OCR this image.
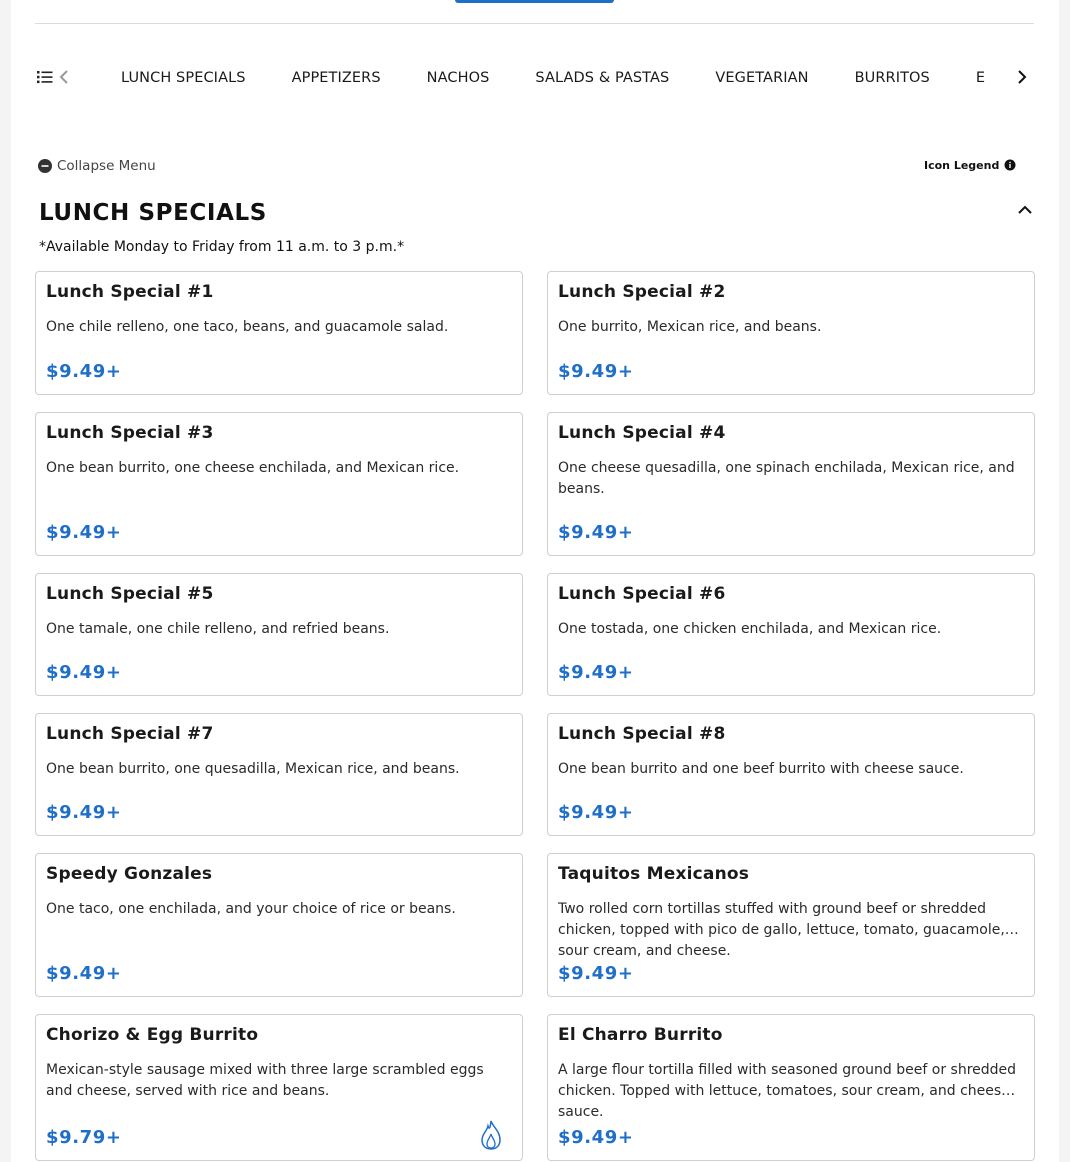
LUNCH SPECIALS	APPETIZERS	NACHOS	SALADS & PASTAS	VEGETARIAN	BURRITOS	E
Collapse Menu	Icon Legend
LUNCH SPECIALS
*Available Monday to Friday from 11 a.m. to 3 p.m.*
Lunch Special #1
One chile relleno, one taco, beans, and guacamole salad.
$9.49+
Lunch Special #2
One burrito, Mexican rice, and beans.
$9.49+
Lunch Special #3
One bean burrito, one cheese enchilada, and Mexican rice.
$9.49+
Lunch Special #4
One cheese quesadilla, one spinach enchilada, Mexican rice, and beans.
$9.49+
Lunch Special #5
One tamale, one chile relleno, and refried beans.
$9.49+
Lunch Special #6
One tostada, one chicken enchilada, and Mexican rice.
$9.49+
Lunch Special #7
One bean burrito, one quesadilla, Mexican rice, and beans.
$9.49+
Lunch Special #8
One bean burrito and one beef burrito with cheese sauce.
$9.49+
Speedy Gonzales
One taco, one enchilada, and your choice of rice or beans.
$9.49+
Taquitos Mexicanos
Two rolled corn tortillas stuffed with ground beef or shredded chicken, topped with pico de gallo, lettuce, tomato, guacamole, sour cream, and cheese.
$9.49+
Chorizo & Egg Burrito
Mexican-style sausage mixed with three large scrambled eggs and cheese, served with rice and beans.
$9.79+
El Charro Burrito
A large flour tortilla filled with seasoned ground beef or shredded chicken. Topped with lettuce, tomatoes, sour cream, and cheese sauce.
$9.49+
